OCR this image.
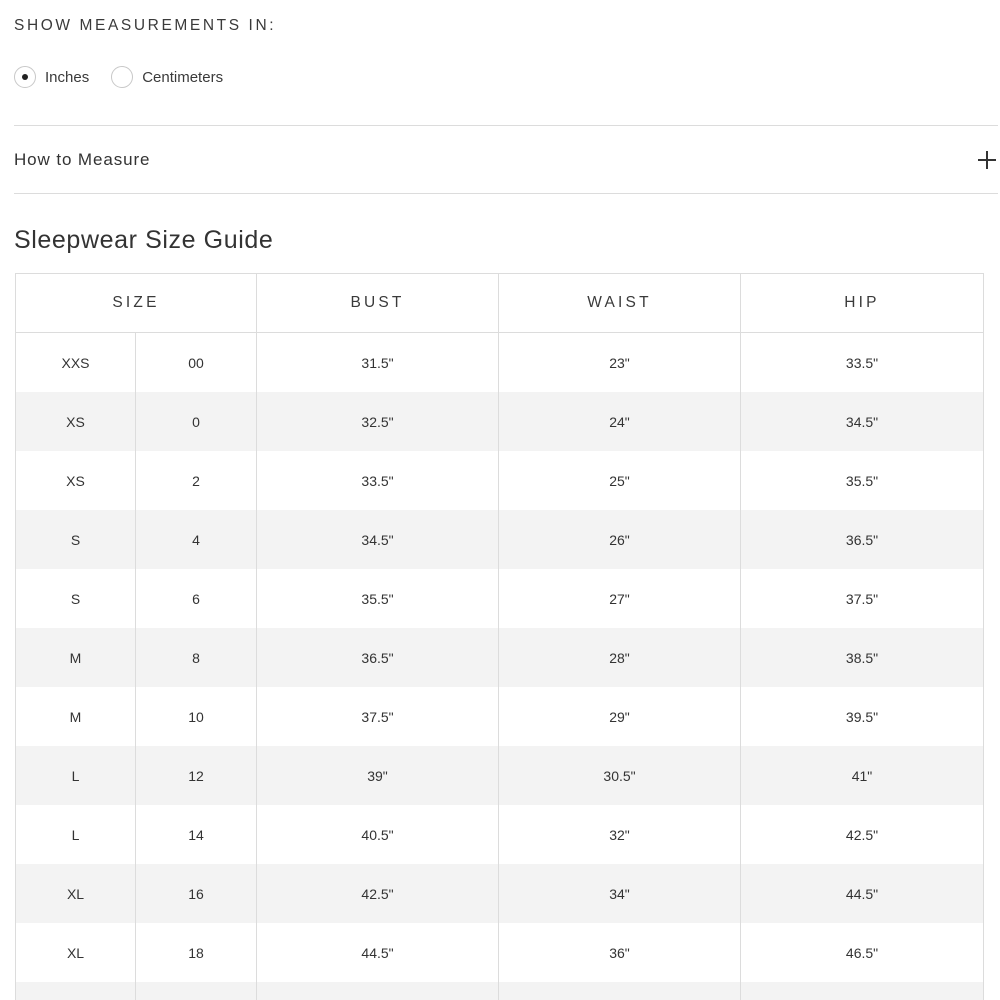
SHOW MEASUREMENTS IN:
Inches	Centimeters
How to Measure
Sleepwear Size Guide
SIZE		BUST	WAIST	HIP
XXS	00	31.5"	23"	33.5"
XS	0	32.5"	24"	34.5"
XS	2	33.5"	25"	35.5"
S	4	34.5"	26"	36.5"
S	6	35.5"	27"	37.5"
M	8	36.5"	28"	38.5"
M	10	37.5"	29"	39.5"
L	12	39"	30.5"	41"
L	14	40.5"	32"	42.5"
XL	16	42.5"	34"	44.5"
XL	18	44.5"	36"	46.5"
